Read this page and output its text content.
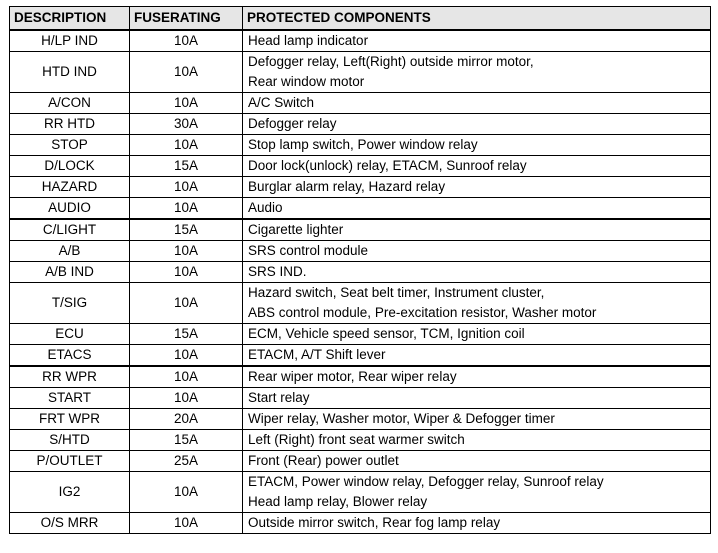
DESCRIPTION	FUSERATING	PROTECTED COMPONENTS
H/LP IND	10A	Head lamp indicator

HTD IND	10A	Defogger relay, Left(Right) outside mirror motor,
Rear window motor

A/CON	10A	A/C Switch

RR HTD	30A	Defogger relay

STOP	10A	Stop lamp switch, Power window relay

D/LOCK	15A	Door lock(unlock) relay, ETACM, Sunroof relay

HAZARD	10A	Burglar alarm relay, Hazard relay

AUDIO	10A	Audio

C/LIGHT	15A	Cigarette lighter

A/B	10A	SRS control module

A/B IND	10A	SRS IND.

T/SIG	10A	Hazard switch, Seat belt timer, Instrument cluster,
ABS control module, Pre-excitation resistor, Washer motor

ECU	15A	ECM, Vehicle speed sensor, TCM, Ignition coil

ETACS	10A	ETACM, A/T Shift lever

RR WPR	10A	Rear wiper motor, Rear wiper relay

START	10A	Start relay

FRT WPR	20A	Wiper relay, Washer motor, Wiper & Defogger timer

S/HTD	15A	Left (Right) front seat warmer switch

P/OUTLET	25A	Front (Rear) power outlet

IG2	10A	ETACM, Power window relay, Defogger relay, Sunroof relay
Head lamp relay, Blower relay

O/S MRR	10A	Outside mirror switch, Rear fog lamp relay
